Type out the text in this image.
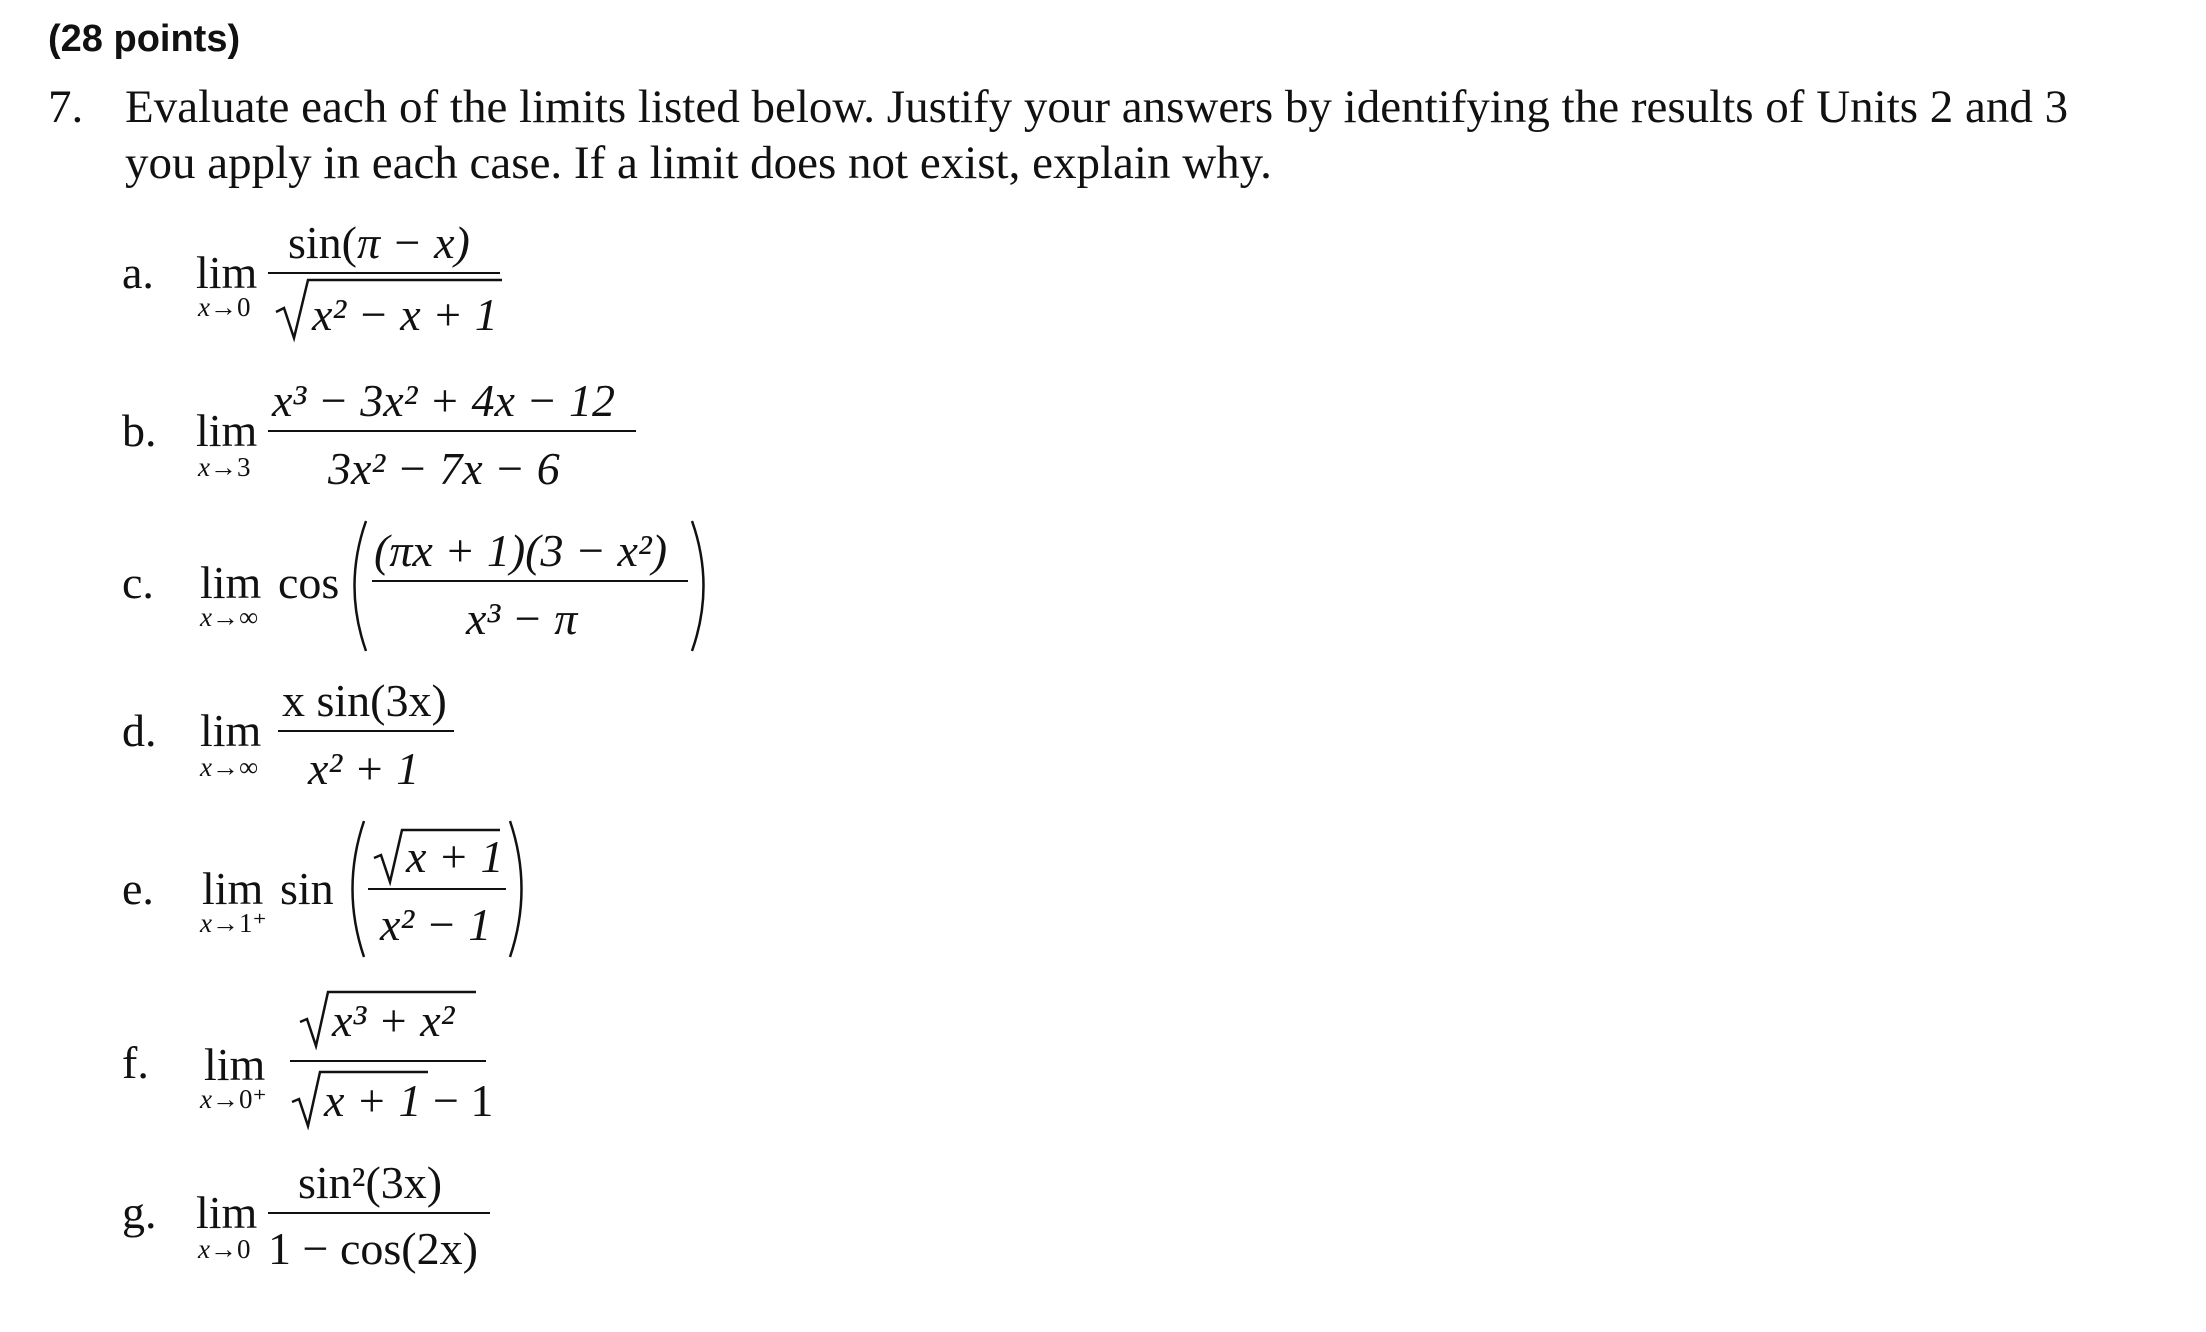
(28 points)
7. Evaluate each of the limits listed below. Justify your answers by identifying the results of Units 2 and 3
you apply in each case. If a limit does not exist, explain why.
a. lim
x→0
sin(π − x)
x² − x + 1
b. lim
x→3
x³ − 3x² + 4x − 12
3x² − 7x − 6
c. lim cos
x→∞
(πx + 1)(3 − x²)
x³ − π
d. lim
x→∞
x sin(3x)
x² + 1
e. lim sin
x→1⁺
x + 1
x² − 1
f. lim
x→0⁺
x³ + x²
x + 1 − 1
g. lim
x→0
sin²(3x)
1 − cos(2x)
